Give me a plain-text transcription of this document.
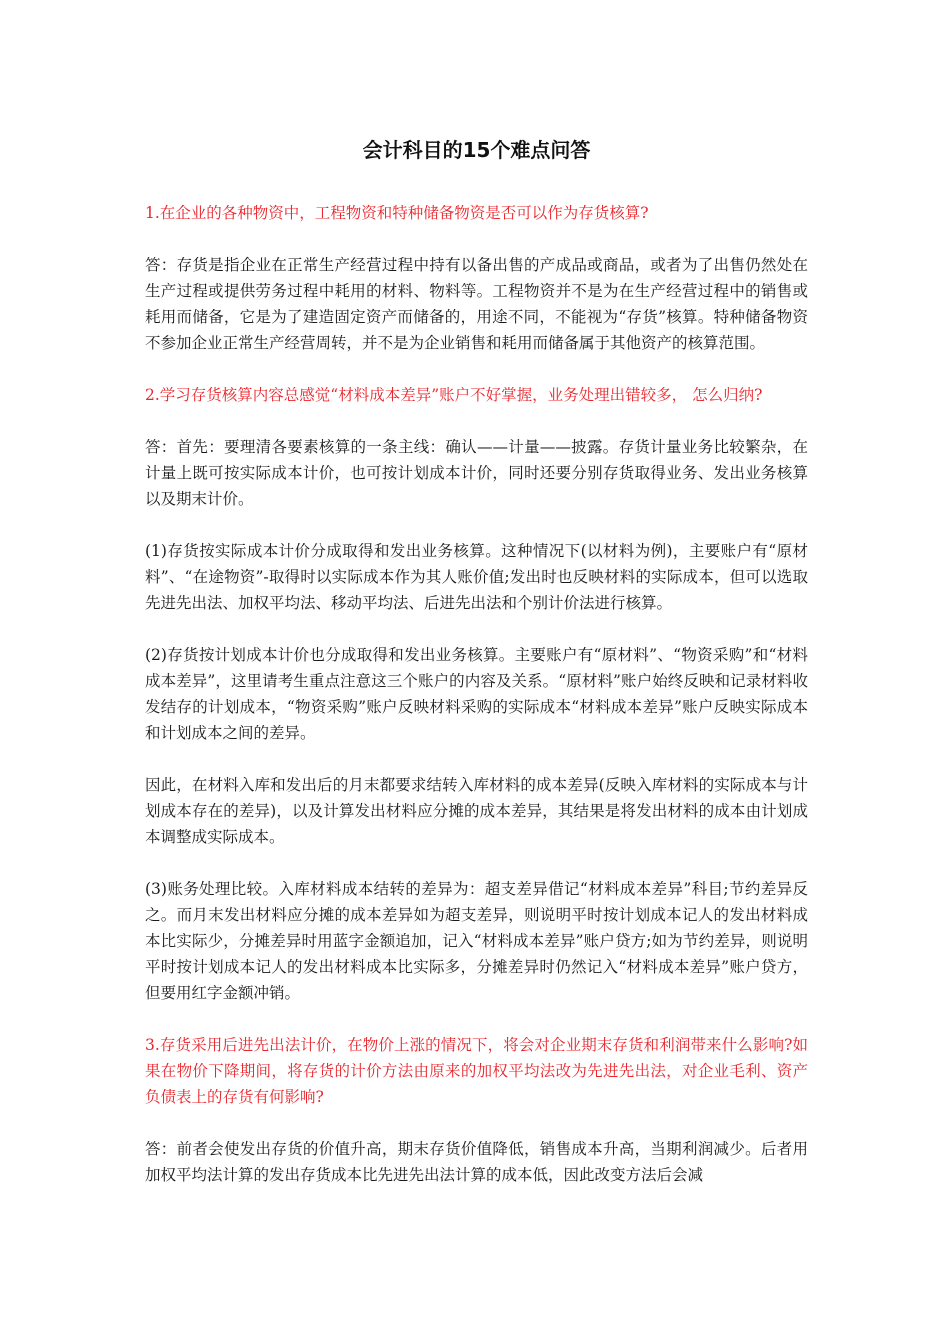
会计科目的15个难点问答
1.在企业的各种物资中，工程物资和特种储备物资是否可以作为存货核算?
答：存货是指企业在正常生产经营过程中持有以备出售的产成品或商品，或者为了出售仍然处在生产过程或提供劳务过程中耗用的材料、物料等。工程物资并不是为在生产经营过程中的销售或耗用而储备，它是为了建造固定资产而储备的，用途不同，不能视为“存货”核算。特种储备物资不参加企业正常生产经营周转，并不是为企业销售和耗用而储备属于其他资产的核算范围。
2.学习存货核算内容总感觉“材料成本差异”账户不好掌握，业务处理出错较多， 怎么归纳?
答：首先：要理清各要素核算的一条主线：确认——计量——披露。存货计量业务比较繁杂，在计量上既可按实际成本计价，也可按计划成本计价，同时还要分别存货取得业务、发出业务核算以及期末计价。
(1)存货按实际成本计价分成取得和发出业务核算。这种情况下(以材料为例)，主要账户有“原材料”、“在途物资”-取得时以实际成本作为其人账价值;发出时也反映材料的实际成本，但可以选取先进先出法、加权平均法、移动平均法、后进先出法和个别计价法进行核算。
(2)存货按计划成本计价也分成取得和发出业务核算。主要账户有“原材料”、“物资采购”和“材料成本差异”，这里请考生重点注意这三个账户的内容及关系。“原材料”账户始终反映和记录材料收发结存的计划成本，“物资采购”账户反映材料采购的实际成本“材料成本差异”账户反映实际成本和计划成本之间的差异。
因此，在材料入库和发出后的月末都要求结转入库材料的成本差异(反映入库材料的实际成本与计划成本存在的差异)，以及计算发出材料应分摊的成本差异，其结果是将发出材料的成本由计划成本调整成实际成本。
(3)账务处理比较。入库材料成本结转的差异为：超支差异借记“材料成本差异”科目;节约差异反之。而月末发出材料应分摊的成本差异如为超支差异，则说明平时按计划成本记人的发出材料成本比实际少，分摊差异时用蓝字金额追加，记入“材料成本差异”账户贷方;如为节约差异，则说明平时按计划成本记人的发出材料成本比实际多，分摊差异时仍然记入“材料成本差异”账户贷方，但要用红字金额冲销。
3.存货采用后进先出法计价，在物价上涨的情况下，将会对企业期末存货和利润带来什么影响?如果在物价下降期间，将存货的计价方法由原来的加权平均法改为先进先出法，对企业毛利、资产负债表上的存货有何影响?
答：前者会使发出存货的价值升高，期末存货价值降低，销售成本升高，当期利润减少。后者用加权平均法计算的发出存货成本比先进先出法计算的成本低，因此改变方法后会减
